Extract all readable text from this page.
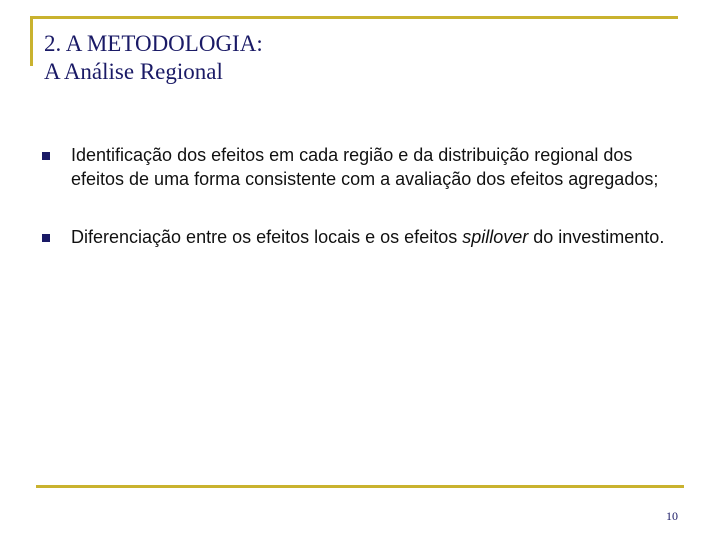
2. A METODOLOGIA:
A Análise Regional
Identificação dos efeitos em cada região e da distribuição regional dos efeitos de uma forma consistente com a avaliação dos efeitos agregados;
Diferenciação entre os efeitos locais e os efeitos spillover do investimento.
10
